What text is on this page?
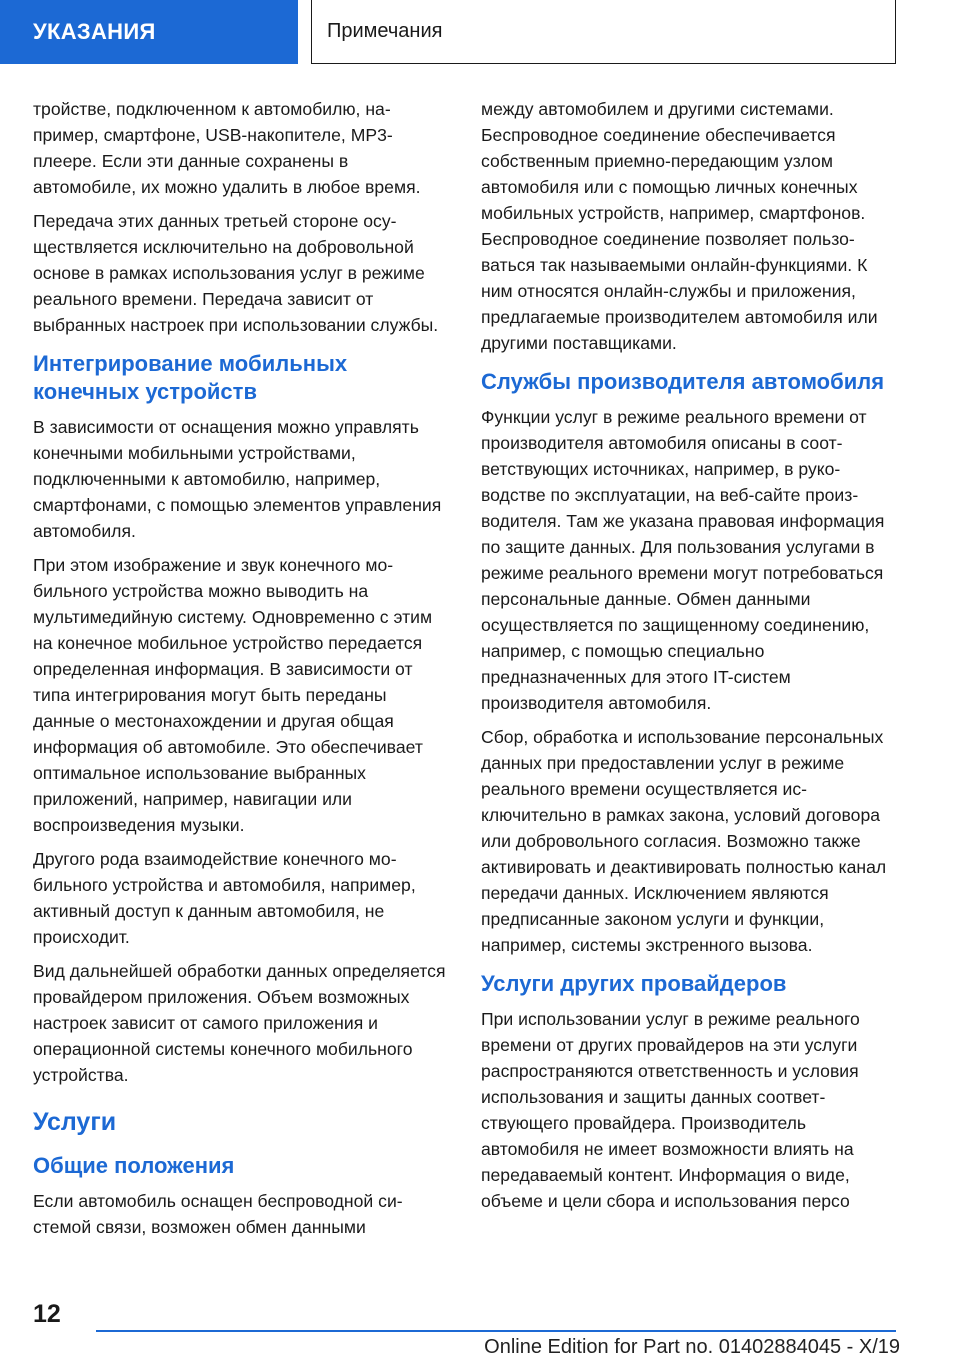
УКАЗАНИЯ	Примечания

тройстве, подключенном к автомобилю, например, смартфоне, USB-накопителе, MP3-плеере. Если эти данные сохранены в автомобиле, их можно удалить в любое время.

Передача этих данных третьей стороне осуществляется исключительно на добровольной основе в рамках использования услуг в режиме реального времени. Передача зависит от выбранных настроек при использовании службы.

Интегрирование мобильных конечных устройств

В зависимости от оснащения можно управлять конечными мобильными устройствами, подключенными к автомобилю, например, смартфонами, с помощью элементов управления автомобиля.

При этом изображение и звук конечного мобильного устройства можно выводить на мультимедийную систему. Одновременно с этим на конечное мобильное устройство передается определенная информация. В зависимости от типа интегрирования могут быть переданы данные о местонахождении и другая общая информация об автомобиле. Это обеспечивает оптимальное использование выбранных приложений, например, навигации или воспроизведения музыки.

Другого рода взаимодействие конечного мобильного устройства и автомобиля, например, активный доступ к данным автомобиля, не происходит.

Вид дальнейшей обработки данных определяется провайдером приложения. Объем возможных настроек зависит от самого приложения и операционной системы конечного мобильного устройства.

Услуги
Общие положения

Если автомобиль оснащен беспроводной системой связи, возможен обмен данными

между автомобилем и другими системами. Беспроводное соединение обеспечивается собственным приемно-передающим узлом автомобиля или с помощью личных конечных мобильных устройств, например, смартфонов. Беспроводное соединение позволяет пользоваться так называемыми онлайн-функциями. К ним относятся онлайн-службы и приложения, предлагаемые производителем автомобиля или другими поставщиками.

Службы производителя автомобиля

Функции услуг в режиме реального времени от производителя автомобиля описаны в соответствующих источниках, например, в руководстве по эксплуатации, на веб-сайте производителя. Там же указана правовая информация по защите данных. Для пользования услугами в режиме реального времени могут потребоваться персональные данные. Обмен данными осуществляется по защищенному соединению, например, с помощью специально предназначенных для этого IT-систем производителя автомобиля.

Сбор, обработка и использование персональных данных при предоставлении услуг в режиме реального времени осуществляется исключительно в рамках закона, условий договора или добровольного согласия. Возможно также активировать и деактивировать полностью канал передачи данных. Исключением являются предписанные законом услуги и функции, например, системы экстренного вызова.

Услуги других провайдеров

При использовании услуг в режиме реального времени от других провайдеров на эти услуги распространяются ответственность и условия использования и защиты данных соответствующего провайдера. Производитель автомобиля не имеет возможности влиять на передаваемый контент. Информация о виде, объеме и цели сбора и использования персо

12
Online Edition for Part no. 01402884045 - X/19
